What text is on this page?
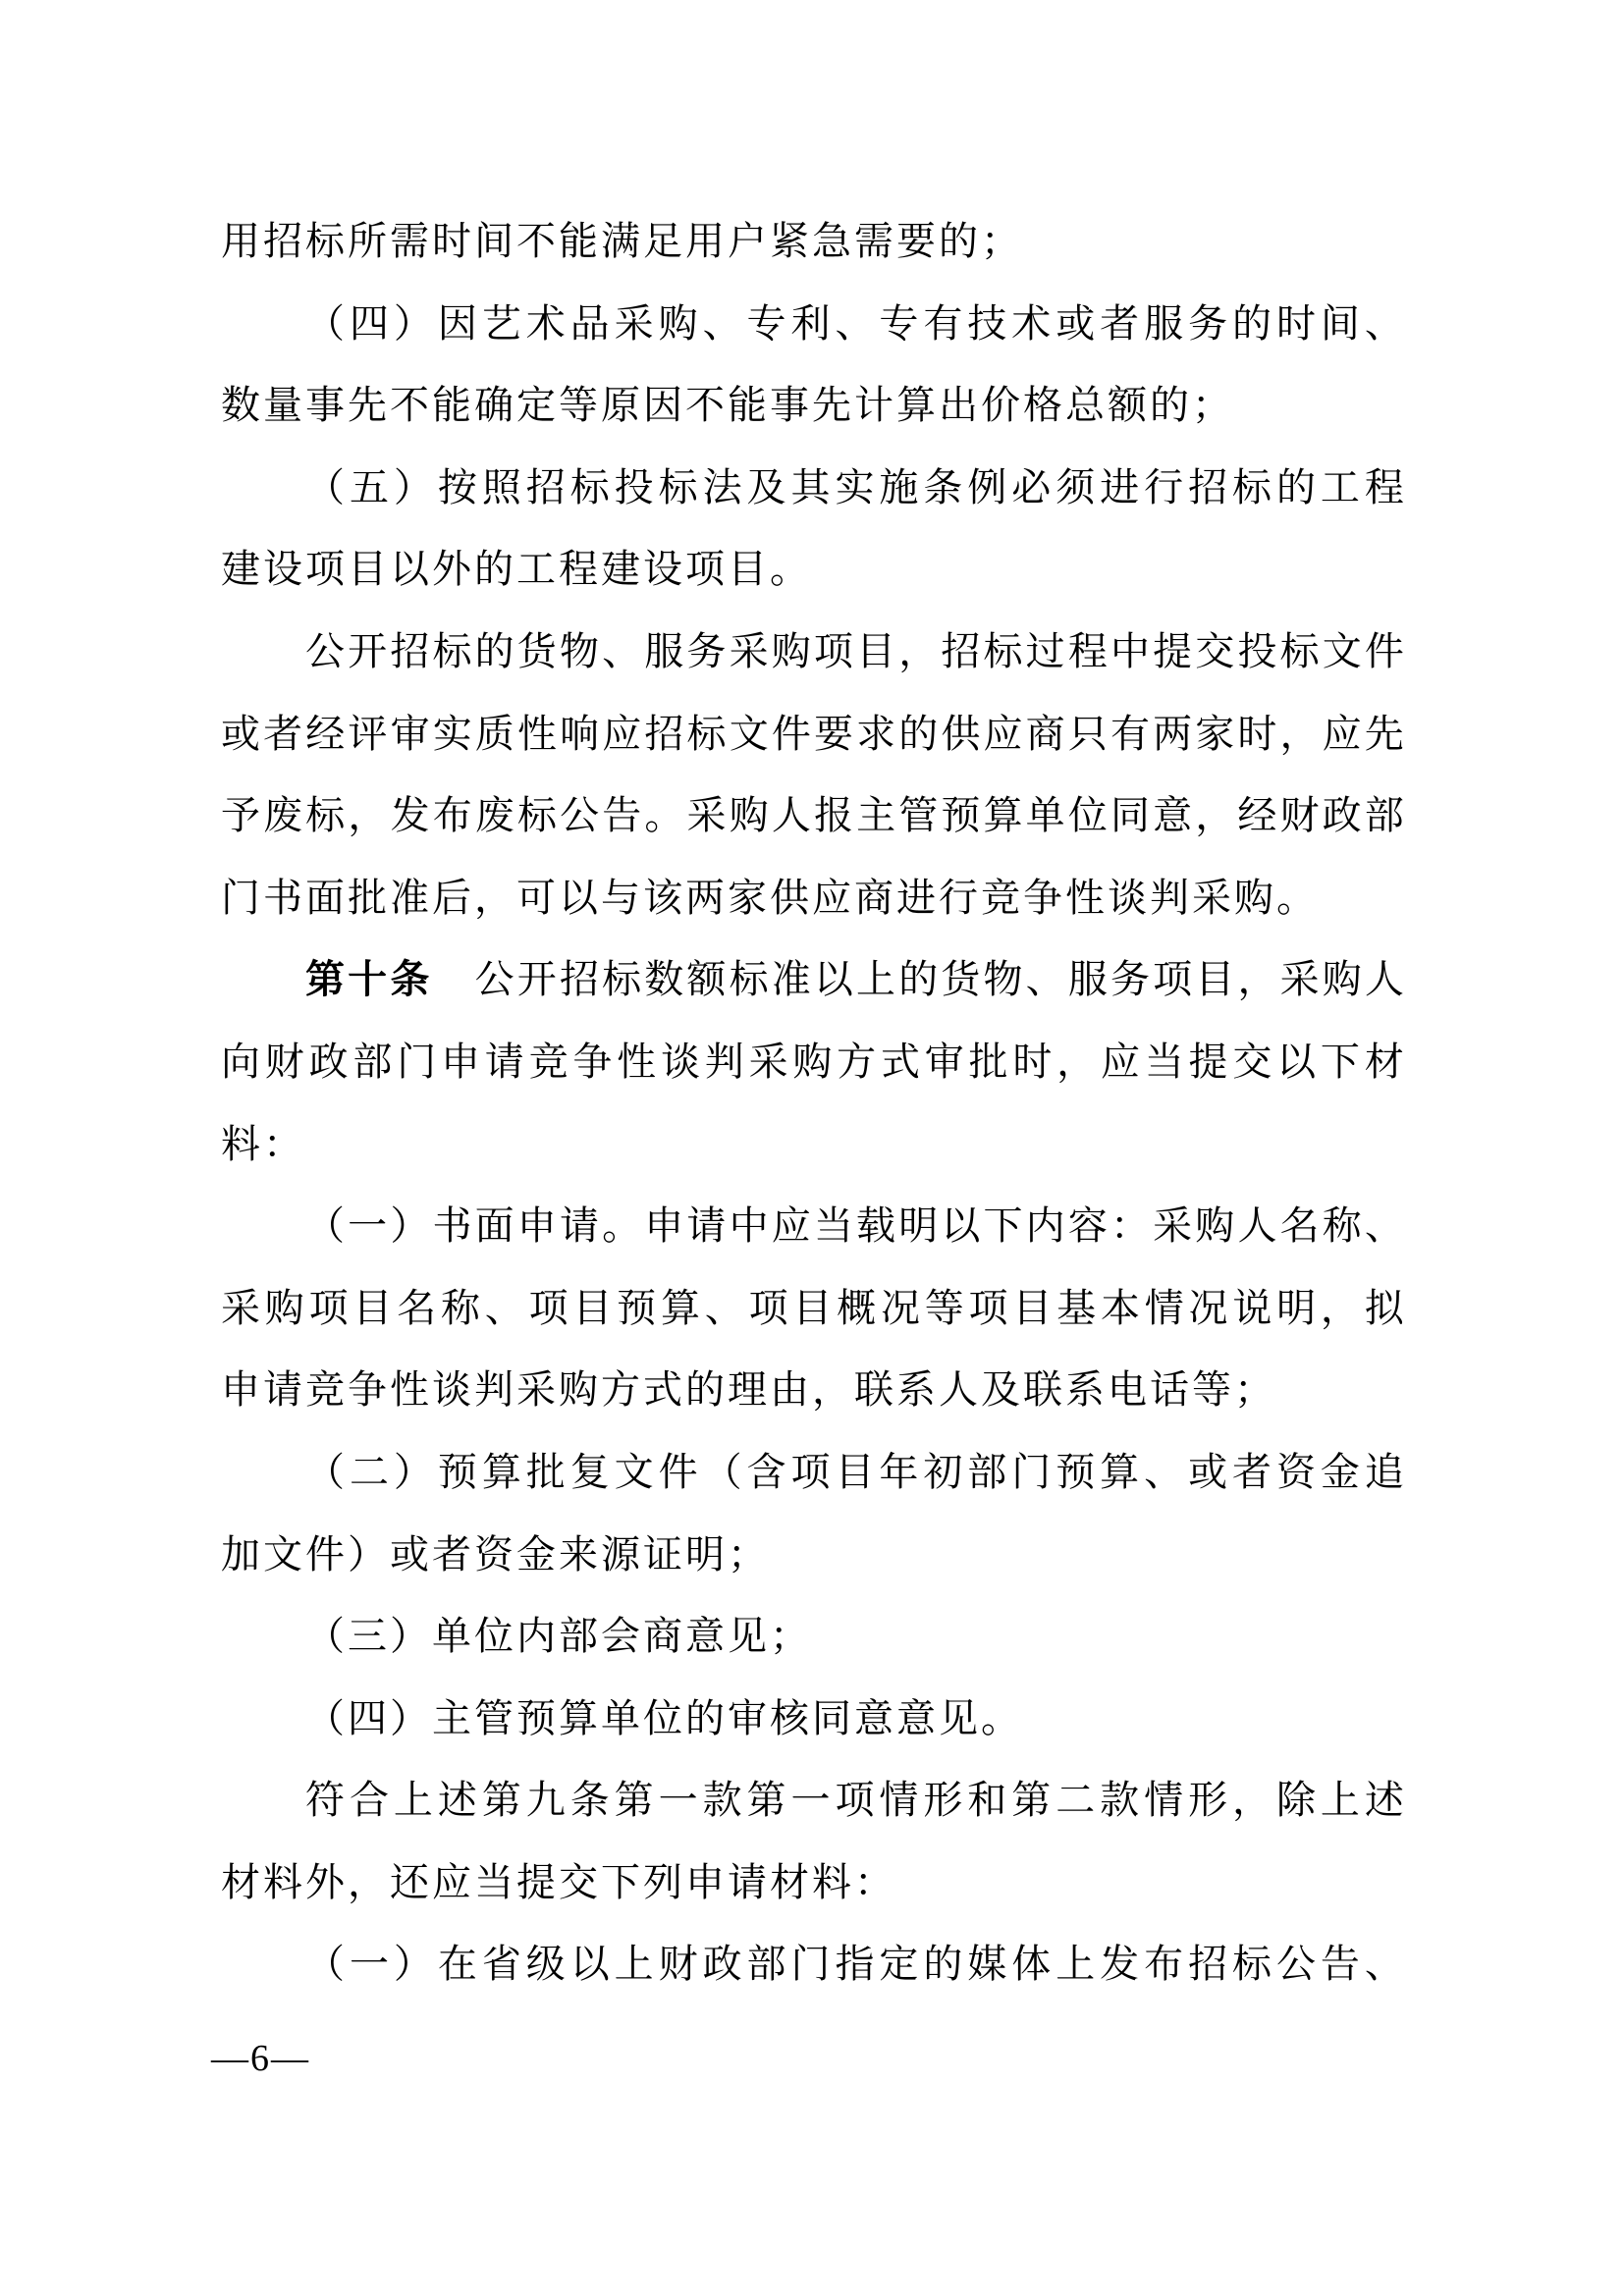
用招标所需时间不能满足用户紧急需要的；
（ 四 ） 因 艺 术 品 采 购 、 专 利 、 专 有 技 术 或 者 服 务 的 时 间 、
数量事先不能确定等原因不能事先计算出价格总额的；
（ 五 ） 按 照 招 标 投 标 法 及 其 实 施 条 例 必 须 进 行 招 标 的 工 程
建设项目以外的工程建设项目。
公 开 招 标 的 货 物 、 服 务 采 购 项 目 ， 招 标 过 程 中 提 交 投 标 文 件
或 者 经 评 审 实 质 性 响 应 招 标 文 件 要 求 的 供 应 商 只 有 两 家 时 ， 应 先
予 废 标 ， 发 布 废 标 公 告 。 采 购 人 报 主 管 预 算 单 位 同 意 ， 经 财 政 部
门书面批准后，可以与该两家供应商进行竞争性谈判采购。
第 十 条 公 开 招 标 数 额 标 准 以 上 的 货 物 、 服 务 项 目 ， 采 购 人
向 财 政 部 门 申 请 竞 争 性 谈 判 采 购 方 式 审 批 时 ， 应 当 提 交 以 下 材
料：
（ 一 ） 书 面 申 请 。 申 请 中 应 当 载 明 以 下 内 容 ： 采 购 人 名 称 、
采 购 项 目 名 称 、 项 目 预 算 、 项 目 概 况 等 项 目 基 本 情 况 说 明 ， 拟
申请竞争性谈判采购方式的理由，联系人及联系电话等；
（ 二 ） 预 算 批 复 文 件 （ 含 项 目 年 初 部 门 预 算 、 或 者 资 金 追
加文件）或者资金来源证明；
（三）单位内部会商意见；
（四）主管预算单位的审核同意意见。
符 合 上 述 第 九 条 第 一 款 第 一 项 情 形 和 第 二 款 情 形 ， 除 上 述
材料外，还应当提交下列申请材料：
（ 一 ） 在 省 级 以 上 财 政 部 门 指 定 的 媒 体 上 发 布 招 标 公 告 、
—6—
